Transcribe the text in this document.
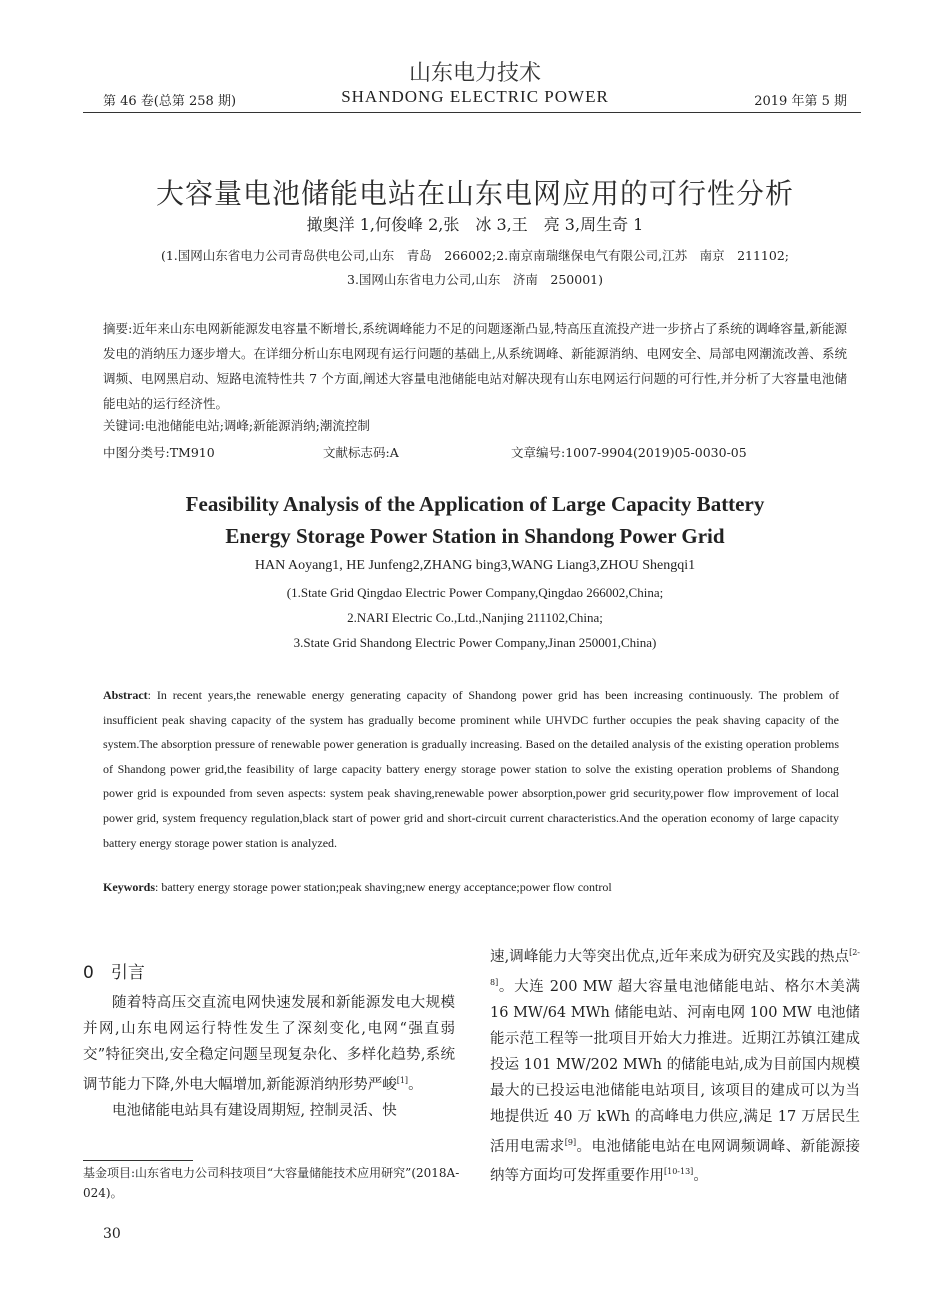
山东电力技术
第 46 卷(总第 258 期)	SHANDONG ELECTRIC POWER	2019 年第 5 期
大容量电池储能电站在山东电网应用的可行性分析
撖奥洋 1,何俊峰 2,张　冰 3,王　亮 3,周生奇 1
(1.国网山东省电力公司青岛供电公司,山东　青岛　266002;2.南京南瑞继保电气有限公司,江苏　南京　211102;
3.国网山东省电力公司,山东　济南　250001)
摘要:近年来山东电网新能源发电容量不断增长,系统调峰能力不足的问题逐渐凸显,特高压直流投产进一步挤占了系统的调峰容量,新能源发电的消纳压力逐步增大。在详细分析山东电网现有运行问题的基础上,从系统调峰、新能源消纳、电网安全、局部电网潮流改善、系统调频、电网黑启动、短路电流特性共 7 个方面,阐述大容量电池储能电站对解决现有山东电网运行问题的可行性,并分析了大容量电池储能电站的运行经济性。
关键词:电池储能电站;调峰;新能源消纳;潮流控制
中图分类号:TM910	文献标志码:A	文章编号:1007-9904(2019)05-0030-05
Feasibility Analysis of the Application of Large Capacity Battery
Energy Storage Power Station in Shandong Power Grid
HAN Aoyang1, HE Junfeng2,ZHANG bing3,WANG Liang3,ZHOU Shengqi1
(1.State Grid Qingdao Electric Power Company,Qingdao 266002,China;
2.NARI Electric Co.,Ltd.,Nanjing 211102,China;
3.State Grid Shandong Electric Power Company,Jinan 250001,China)
Abstract: In recent years,the renewable energy generating capacity of Shandong power grid has been increasing continuously. The problem of insufficient peak shaving capacity of the system has gradually become prominent while UHVDC further occupies the peak shaving capacity of the system.The absorption pressure of renewable power generation is gradually increasing. Based on the detailed analysis of the existing operation problems of Shandong power grid,the feasibility of large capacity battery energy storage power station to solve the existing operation problems of Shandong power grid is expounded from seven aspects: system peak shaving,renewable power absorption,power grid security,power flow improvement of local power grid, system frequency regulation,black start of power grid and short-circuit current characteristics.And the operation economy of large capacity battery energy storage power station is analyzed.
Keywords: battery energy storage power station;peak shaving;new energy acceptance;power flow control
0　引言

随着特高压交直流电网快速发展和新能源发电大规模并网,山东电网运行特性发生了深刻变化,电网“强直弱交”特征突出,安全稳定问题呈现复杂化、多样化趋势,系统调节能力下降,外电大幅增加,新能源消纳形势严峻[1]。

电池储能电站具有建设周期短, 控制灵活、快

速,调峰能力大等突出优点,近年来成为研究及实践的热点[2-8]。大连 200 MW 超大容量电池储能电站、格尔木美满 16 MW/64 MWh 储能电站、河南电网 100 MW 电池储能示范工程等一批项目开始大力推进。近期江苏镇江建成投运 101 MW/202 MWh 的储能电站,成为目前国内规模最大的已投运电池储能电站项目, 该项目的建成可以为当地提供近 40 万 kWh 的高峰电力供应,满足 17 万居民生活用电需求[9]。电池储能电站在电网调频调峰、新能源接纳等方面均可发挥重要作用[10-13]。

基金项目:山东省电力公司科技项目“大容量储能技术应用研究”(2018A-024)。
30
